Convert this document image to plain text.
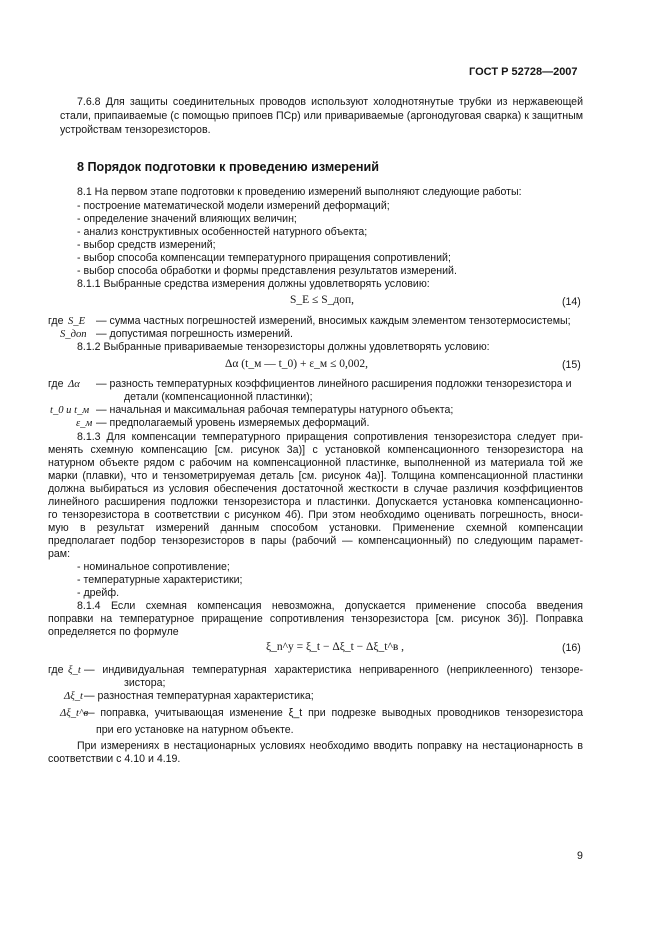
ГОСТ Р 52728—2007
7.6.8 Для защиты соединительных проводов используют холоднотянутые трубки из нержавеющей
стали, припаиваемые (с помощью припоев ПСр) или привариваемые (аргонодуговая сварка) к защитным
устройствам тензорезисторов.
8 Порядок подготовки к проведению измерений
8.1 На первом этапе подготовки к проведению измерений выполняют следующие работы:
- построение математической модели измерений деформаций;
- определение значений влияющих величин;
- анализ конструктивных особенностей натурного объекта;
- выбор средств измерений;
- выбор способа компенсации температурного приращения сопротивлений;
- выбор способа обработки и формы представления результатов измерений.
8.1.1 Выбранные средства измерения должны удовлетворять условию:
S_E ≤ S_доп,	(14)
где S_E — сумма частных погрешностей измерений, вносимых каждым элементом тензотермосистемы;
S_доп — допустимая погрешность измерений.
8.1.2 Выбранные привариваемые тензорезисторы должны удовлетворять условию:
Δα (t_м — t_0) + ε_м ≤ 0,002,	(15)
где Δα — разность температурных коэффициентов линейного расширения подложки тензорезистора и
детали (компенсационной пластинки);
t_0 и t_м — начальная и максимальная рабочая температуры натурного объекта;
ε_м — предполагаемый уровень измеряемых деформаций.
8.1.3 Для компенсации температурного приращения сопротивления тензорезистора следует при-
менять схемную компенсацию [см. рисунок 3а)] с установкой компенсационного тензорезистора на
натурном объекте рядом с рабочим на компенсационной пластинке, выполненной из материала той же
марки (плавки), что и тензометрируемая деталь [см. рисунок 4а)]. Толщина компенсационной пластинки
должна выбираться из условия обеспечения достаточной жесткости в случае различия коэффициентов
линейного расширения подложки тензорезистора и пластинки. Допускается установка компенсационно-
го тензорезистора в соответствии с рисунком 4б). При этом необходимо оценивать погрешность, вноси-
мую в результат измерений данным способом установки. Применение схемной компенсации
предполагает подбор тензорезисторов в пары (рабочий — компенсационный) по следующим парамет-
рам:
- номинальное сопротивление;
- температурные характеристики;
- дрейф.
8.1.4 Если схемная компенсация невозможна, допускается применение способа введения
поправки на температурное приращение сопротивления тензорезистора [см. рисунок 3б)]. Поправка
определяется по формуле
ξ_n^y = ξ_t − Δξ_t − Δξ_t^в ,	(16)
где ξ_t — индивидуальная температурная характеристика неприваренного (неприклеенного) тензоре-
зистора;
Δξ_t — разностная температурная характеристика;
Δξ_t^в
— поправка, учитывающая изменение ξ_t при подрезке выводных проводников тензорезистора
при его установке на натурном объекте.
При измерениях в нестационарных условиях необходимо вводить поправку на нестационарность в
соответствии с 4.10 и 4.19.
9
